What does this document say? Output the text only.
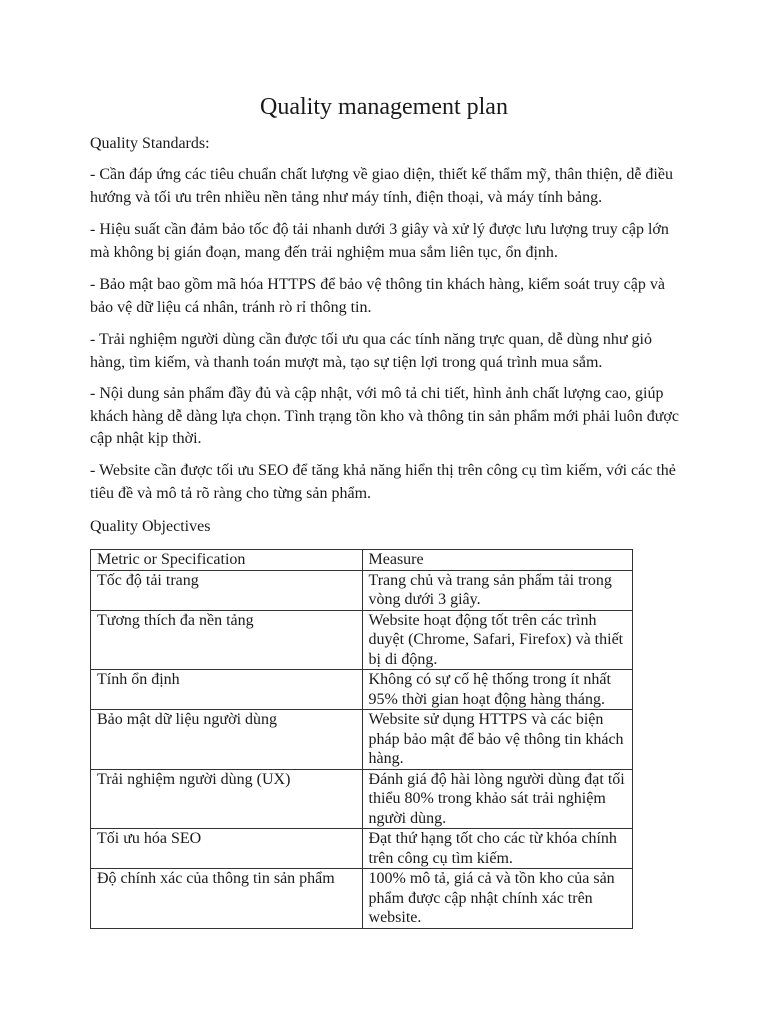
Quality management plan
Quality Standards:
- Cần đáp ứng các tiêu chuẩn chất lượng về giao diện, thiết kế thẩm mỹ, thân thiện, dễ điều hướng và tối ưu trên nhiều nền tảng như máy tính, điện thoại, và máy tính bảng.
- Hiệu suất cần đảm bảo tốc độ tải nhanh dưới 3 giây và xử lý được lưu lượng truy cập lớn mà không bị gián đoạn, mang đến trải nghiệm mua sắm liên tục, ổn định.
- Bảo mật bao gồm mã hóa HTTPS để bảo vệ thông tin khách hàng, kiểm soát truy cập và bảo vệ dữ liệu cá nhân, tránh rò rỉ thông tin.
- Trải nghiệm người dùng cần được tối ưu qua các tính năng trực quan, dễ dùng như giỏ hàng, tìm kiếm, và thanh toán mượt mà, tạo sự tiện lợi trong quá trình mua sắm.
- Nội dung sản phẩm đầy đủ và cập nhật, với mô tả chi tiết, hình ảnh chất lượng cao, giúp khách hàng dễ dàng lựa chọn. Tình trạng tồn kho và thông tin sản phẩm mới phải luôn được cập nhật kịp thời.
- Website cần được tối ưu SEO để tăng khả năng hiển thị trên công cụ tìm kiếm, với các thẻ tiêu đề và mô tả rõ ràng cho từng sản phẩm.
Quality Objectives
Metric or Specification	Measure
Tốc độ tải trang	Trang chủ và trang sản phẩm tải trong vòng dưới 3 giây.
Tương thích đa nền tảng	Website hoạt động tốt trên các trình duyệt (Chrome, Safari, Firefox) và thiết bị di động.
Tính ổn định	Không có sự cố hệ thống trong ít nhất 95% thời gian hoạt động hàng tháng.
Bảo mật dữ liệu người dùng	Website sử dụng HTTPS và các biện pháp bảo mật để bảo vệ thông tin khách hàng.
Trải nghiệm người dùng (UX)	Đánh giá độ hài lòng người dùng đạt tối thiểu 80% trong khảo sát trải nghiệm người dùng.
Tối ưu hóa SEO	Đạt thứ hạng tốt cho các từ khóa chính trên công cụ tìm kiếm.
Độ chính xác của thông tin sản phẩm	100% mô tả, giá cả và tồn kho của sản phẩm được cập nhật chính xác trên website.
